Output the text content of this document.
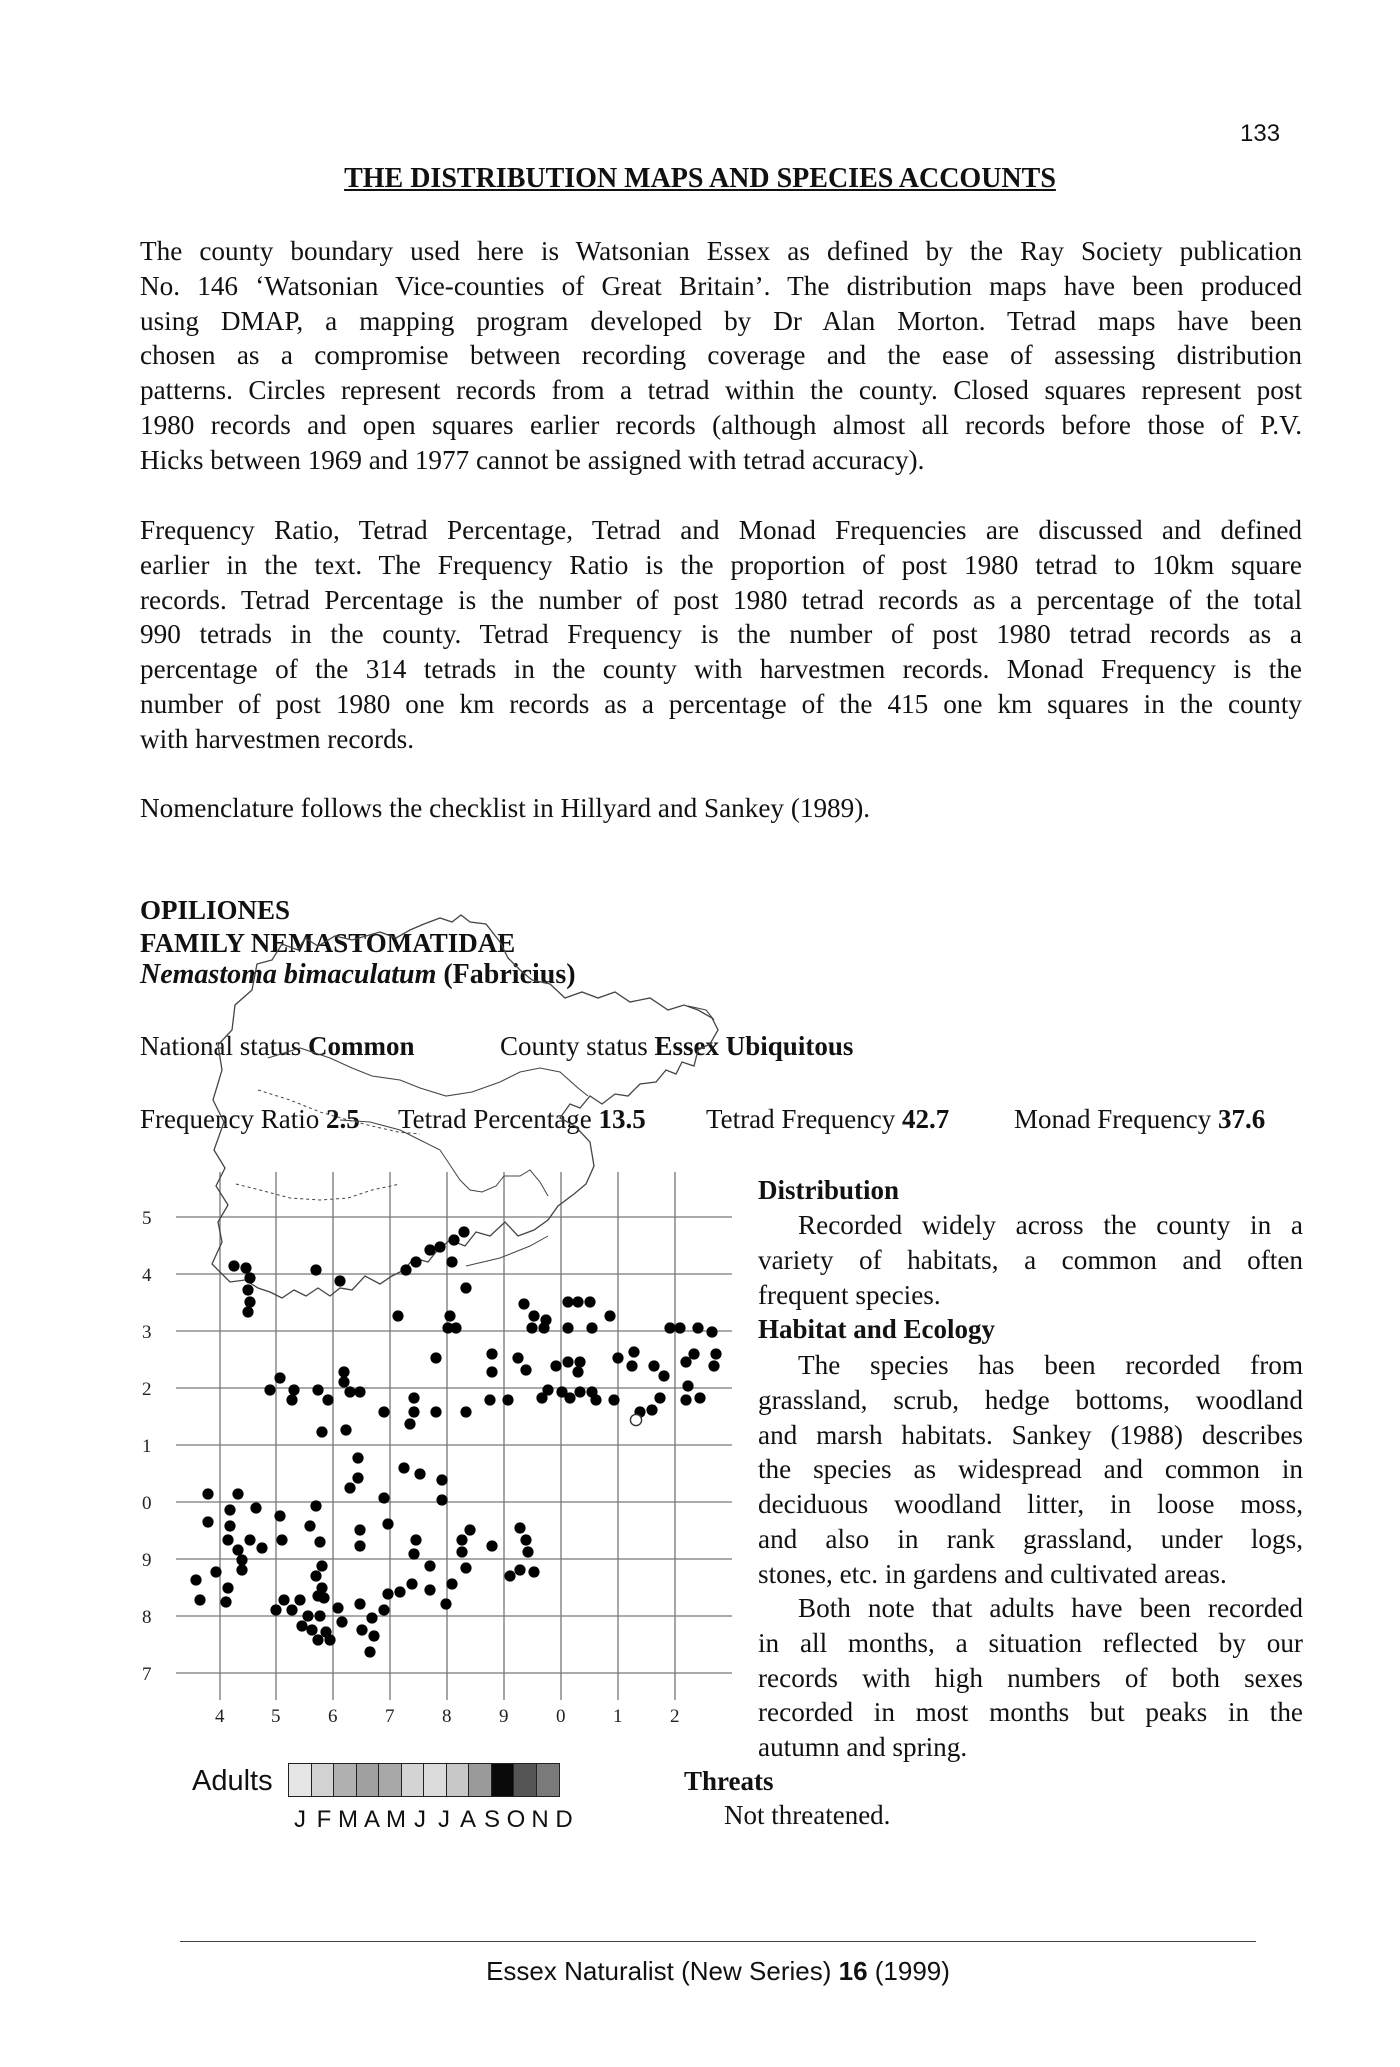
133
THE DISTRIBUTION MAPS AND SPECIES ACCOUNTS

The county boundary used here is Watsonian Essex as defined by the Ray Society publication

No. 146 ‘Watsonian Vice-counties of Great Britain’. The distribution maps have been produced

using DMAP, a mapping program developed by Dr Alan Morton. Tetrad maps have been

chosen as a compromise between recording coverage and the ease of assessing distribution

patterns. Circles represent records from a tetrad within the county. Closed squares represent post

1980 records and open squares earlier records (although almost all records before those of P.V.

Hicks between 1969 and 1977 cannot be assigned with tetrad accuracy).

Frequency Ratio, Tetrad Percentage, Tetrad and Monad Frequencies are discussed and defined

earlier in the text. The Frequency Ratio is the proportion of post 1980 tetrad to 10km square

records. Tetrad Percentage is the number of post 1980 tetrad records as a percentage of the total

990 tetrads in the county. Tetrad Frequency is the number of post 1980 tetrad records as a

percentage of the 314 tetrads in the county with harvestmen records. Monad Frequency is the

number of post 1980 one km records as a percentage of the 415 one km squares in the county

with harvestmen records.

Nomenclature follows the checklist in Hillyard and Sankey (1989).
OPILIONES
FAMILY NEMASTOMATIDAE
Nemastoma bimaculatum (Fabricius)
National status Common	County status Essex Ubiquitous
Frequency Ratio 2.5 Tetrad Percentage 13.5 Tetrad Frequency 42.7 Monad Frequency 37.6
5
4
3
2
1
0
9
8
7
4 5	6	7	8	9	0	1	2
Adults
J F M A M J J A S O N D
Distribution

Recorded widely across the county in a

variety of habitats, a common and often

frequent species.

Habitat and Ecology

The species has been recorded from

grassland, scrub, hedge bottoms, woodland

and marsh habitats. Sankey (1988) describes

the species as widespread and common in

deciduous woodland litter, in loose moss,

and also in rank grassland, under logs,

stones, etc. in gardens and cultivated areas.

Both note that adults have been recorded

in all months, a situation reflected by our

records with high numbers of both sexes

recorded in most months but peaks in the

autumn and spring.

Threats
Not threatened.
Essex Naturalist (New Series) 16 (1999)
